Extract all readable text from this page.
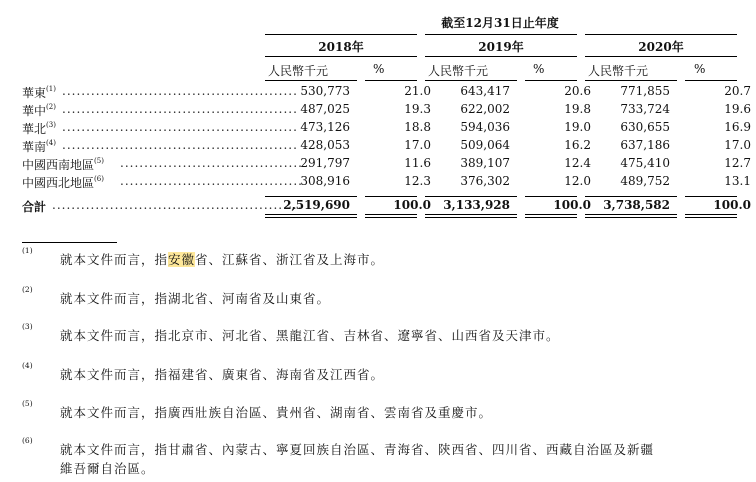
截至12月31日止年度
2018年	2019年	2020年
人民幣千元	%	人民幣千元	%	人民幣千元	%
.................................................
華東$^{(1)}$	530,773	21.0	643,417	20.6	771,855	20.7
.................................................
華中$^{(2)}$	487,025	19.3	622,002	19.8	733,724	19.6
.................................................
華北$^{(3)}$	473,126	18.8	594,036	19.0	630,655	16.9
.................................................
華南$^{(4)}$	428,053	17.0	509,064	16.2	637,186	17.0
......................................
中國西南地區$^{(5)}$	291,797	11.6	389,107	12.4	475,410	12.7
......................................
中國西北地區$^{(6)}$	308,916	12.3	376,302	12.0	489,752	13.1
....................................................
合計	2,519,690	100.0	3,133,928	100.0	3,738,582	100.0
(1)
就本文件而言，指安徽省、江蘇省、浙江省及上海市。
(2)
就本文件而言，指湖北省、河南省及山東省。
(3)
就本文件而言，指北京市、河北省、黑龍江省、吉林省、遼寧省、山西省及天津市。
(4)
就本文件而言，指福建省、廣東省、海南省及江西省。
(5)
就本文件而言，指廣西壯族自治區、貴州省、湖南省、雲南省及重慶市。
(6)
就本文件而言，指甘肅省、內蒙古、寧夏回族自治區、青海省、陝西省、四川省、西藏自治區及新疆
維吾爾自治區。
